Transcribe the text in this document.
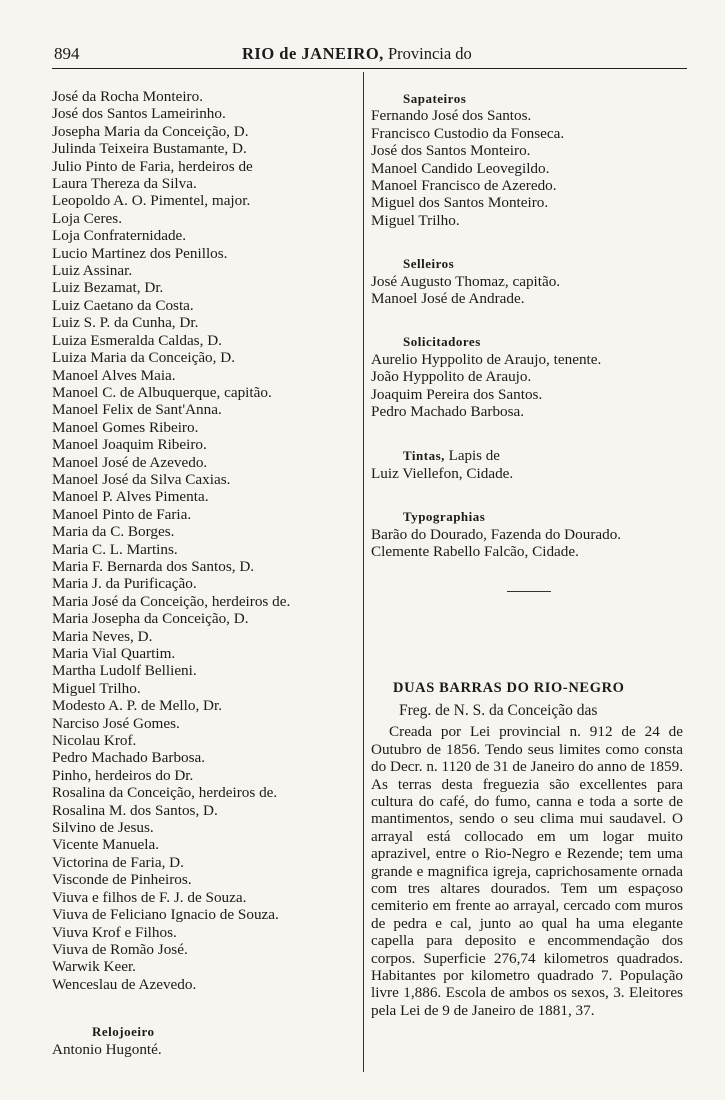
894	RIO de JANEIRO, Provincia do
José da Rocha Monteiro.
José dos Santos Lameirinho.
Josepha Maria da Conceição, D.
Julinda Teixeira Bustamante, D.
Julio Pinto de Faria, herdeiros de
Laura Thereza da Silva.
Leopoldo A. O. Pimentel, major.
Loja Ceres.
Loja Confraternidade.
Lucio Martinez dos Penillos.
Luiz Assinar.
Luiz Bezamat, Dr.
Luiz Caetano da Costa.
Luiz S. P. da Cunha, Dr.
Luiza Esmeralda Caldas, D.
Luiza Maria da Conceição, D.
Manoel Alves Maia.
Manoel C. de Albuquerque, capitão.
Manoel Felix de Sant'Anna.
Manoel Gomes Ribeiro.
Manoel Joaquim Ribeiro.
Manoel José de Azevedo.
Manoel José da Silva Caxias.
Manoel P. Alves Pimenta.
Manoel Pinto de Faria.
Maria da C. Borges.
Maria C. L. Martins.
Maria F. Bernarda dos Santos, D.
Maria J. da Purificação.
Maria José da Conceição, herdeiros de.
Maria Josepha da Conceição, D.
Maria Neves, D.
Maria Vial Quartim.
Martha Ludolf Bellieni.
Miguel Trilho.
Modesto A. P. de Mello, Dr.
Narciso José Gomes.
Nicolau Krof.
Pedro Machado Barbosa.
Pinho, herdeiros do Dr.
Rosalina da Conceição, herdeiros de.
Rosalina M. dos Santos, D.
Silvino de Jesus.
Vicente Manuela.
Victorina de Faria, D.
Visconde de Pinheiros.
Viuva e filhos de F. J. de Souza.
Viuva de Feliciano Ignacio de Souza.
Viuva Krof e Filhos.
Viuva de Romão José.
Warwik Keer.
Wenceslau de Azevedo.
Relojoeiro
Antonio Hugonté.
Sapateiros
Fernando José dos Santos.
Francisco Custodio da Fonseca.
José dos Santos Monteiro.
Manoel Candido Leovegildo.
Manoel Francisco de Azeredo.
Miguel dos Santos Monteiro.
Miguel Trilho.
Selleiros
José Augusto Thomaz, capitão.
Manoel José de Andrade.
Solicitadores
Aurelio Hyppolito de Araujo, tenente.
João Hyppolito de Araujo.
Joaquim Pereira dos Santos.
Pedro Machado Barbosa.
Tintas, Lapis de
Luiz Viellefon, Cidade.
Typographias
Barão do Dourado, Fazenda do Dourado.
Clemente Rabello Falcão, Cidade.
DUAS BARRAS DO RIO-NEGRO
Freg. de N. S. da Conceição das
Creada por Lei provincial n. 912 de 24 de Outubro de 1856. Tendo seus limites como consta do Decr. n. 1120 de 31 de Janeiro do anno de 1859. As terras desta freguezia são excellentes para cultura do café, do fumo, canna e toda a sorte de mantimentos, sendo o seu clima mui saudavel. O arrayal está collocado em um logar muito aprazivel, entre o Rio-Negro e Rezende; tem uma grande e magnifica igreja, caprichosamente ornada com tres altares dourados. Tem um espaçoso cemiterio em frente ao arrayal, cercado com muros de pedra e cal, junto ao qual ha uma elegante capella para deposito e encommendação dos corpos. Superficie 276,74 kilometros quadrados. Habitantes por kilometro quadrado 7. População livre 1,886. Escola de ambos os sexos, 3. Eleitores pela Lei de 9 de Janeiro de 1881, 37.
